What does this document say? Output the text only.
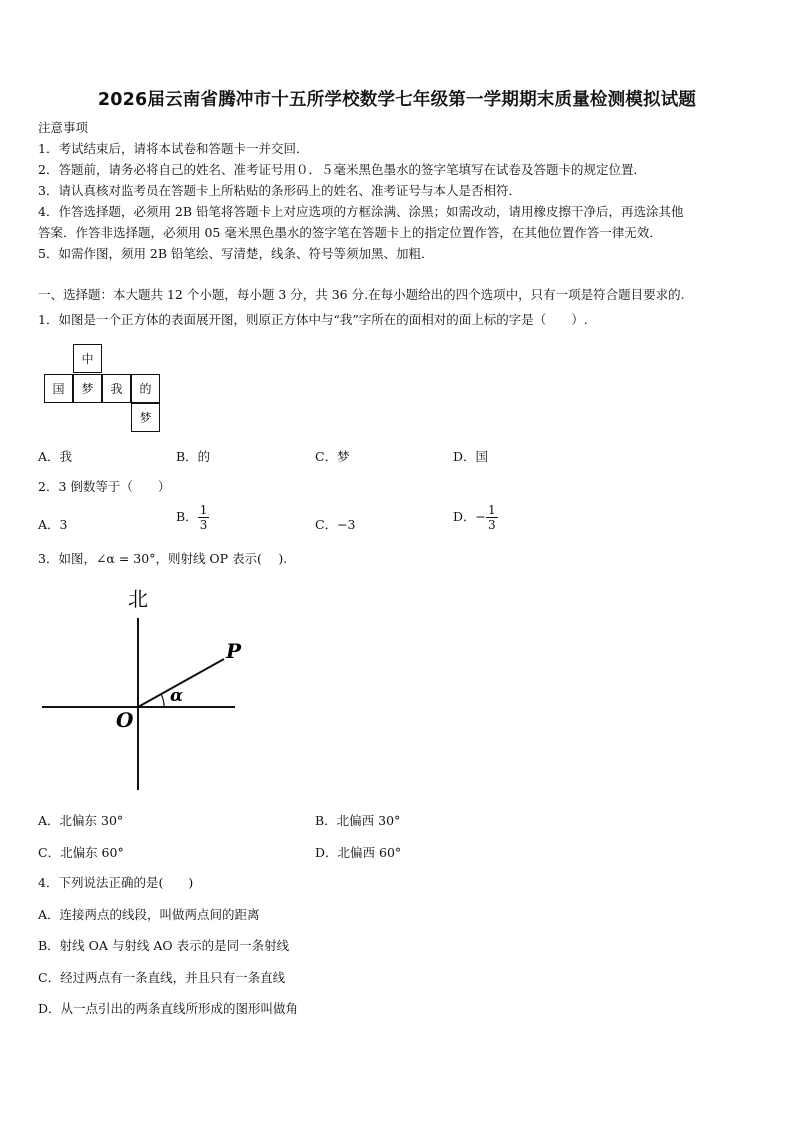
2026届云南省腾冲市十五所学校数学七年级第一学期期末质量检测模拟试题
注意事项
1．考试结束后，请将本试卷和答题卡一并交回．
2．答题前，请务必将自己的姓名、准考证号用０．５毫米黑色墨水的签字笔填写在试卷及答题卡的规定位置．
3．请认真核对监考员在答题卡上所粘贴的条形码上的姓名、准考证号与本人是否相符．
4．作答选择题，必须用 2B 铅笔将答题卡上对应选项的方框涂满、涂黑；如需改动，请用橡皮擦干净后，再选涂其他
答案．作答非选择题，必须用 05 毫米黑色墨水的签字笔在答题卡上的指定位置作答，在其他位置作答一律无效．
5．如需作图，须用 2B 铅笔绘、写清楚，线条、符号等须加黑、加粗．
一、选择题：本大题共 12 个小题，每小题 3 分，共 36 分.在每小题给出的四个选项中，只有一项是符合题目要求的.
1．如图是一个正方体的表面展开图，则原正方体中与“我”字所在的面相对的面上标的字是（　　）.
中
国	梦	我	的
梦
A．我	B．的	C．梦	D．国
2．3 倒数等于（　　）
A．3
B． $\frac{1}{3}$	C．−3
D．− $\frac{1}{3}$
3．如图，∠α = 30°，则射线 OP 表示(　 ).
北
P
O
α
A．北偏东 30°	B．北偏西 30°
C．北偏东 60°	D．北偏西 60°
4．下列说法正确的是(　　)
A．连接两点的线段，叫做两点间的距离
B．射线 OA 与射线 AO 表示的是同一条射线
C．经过两点有一条直线，并且只有一条直线
D．从一点引出的两条直线所形成的图形叫做角
